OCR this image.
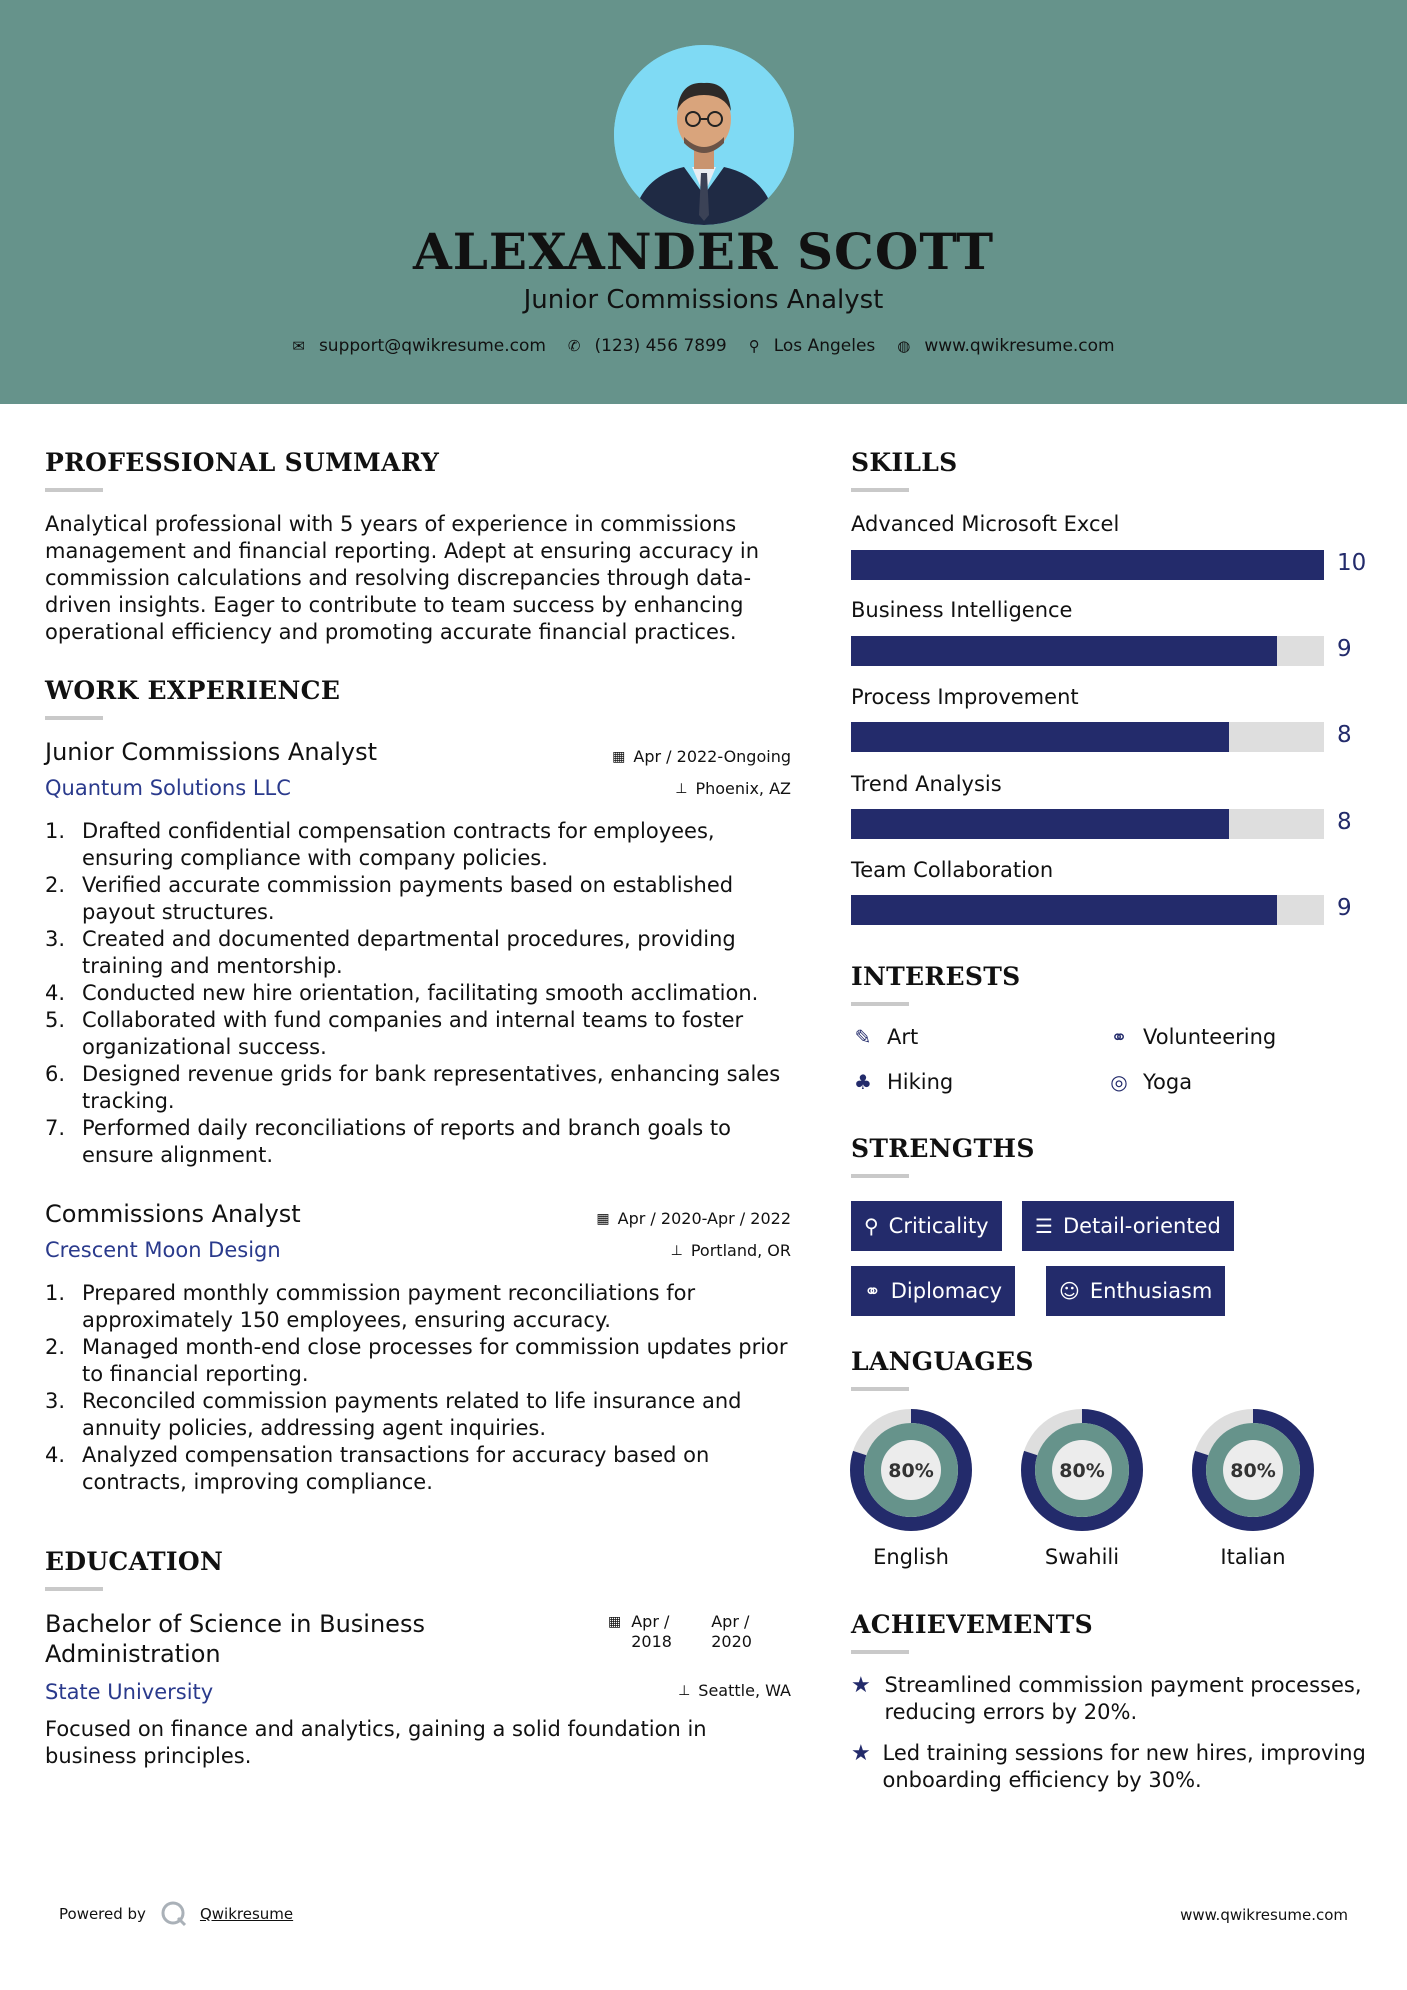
ALEXANDER SCOTT
Junior Commissions Analyst
✉ support@qwikresume.com ✆ (123) 456 7899 ⚲ Los Angeles ◍ www.qwikresume.com
PROFESSIONAL SUMMARY
Analytical professional with 5 years of experience in commissions management and financial reporting. Adept at ensuring accuracy in commission calculations and resolving discrepancies through data-driven insights. Eager to contribute to team success by enhancing operational efficiency and promoting accurate financial practices.
WORK EXPERIENCE
Junior Commissions Analyst	▦ Apr / 2022-Ongoing
Quantum Solutions LLC	⊥ Phoenix, AZ
1. Drafted confidential compensation contracts for employees, ensuring compliance with company policies.
2. Verified accurate commission payments based on established payout structures.
3. Created and documented departmental procedures, providing training and mentorship.
4. Conducted new hire orientation, facilitating smooth acclimation.
5. Collaborated with fund companies and internal teams to foster organizational success.
6. Designed revenue grids for bank representatives, enhancing sales tracking.
7. Performed daily reconciliations of reports and branch goals to ensure alignment.
Commissions Analyst	▦ Apr / 2020-Apr / 2022
Crescent Moon Design	⊥ Portland, OR
1. Prepared monthly commission payment reconciliations for approximately 150 employees, ensuring accuracy.
2. Managed month-end close processes for commission updates prior to financial reporting.
3. Reconciled commission payments related to life insurance and annuity policies, addressing agent inquiries.
4. Analyzed compensation transactions for accuracy based on contracts, improving compliance.
EDUCATION
Bachelor of Science in Business Administration
▦ Apr / 2018
Apr / 2020
State University	⊥ Seattle, WA
Focused on finance and analytics, gaining a solid foundation in business principles.
SKILLS
Advanced Microsoft Excel
10
Business Intelligence
9
Process Improvement
8
Trend Analysis
8
Team Collaboration
9
INTERESTS
✎ Art	⚭ Volunteering
♣ Hiking	◎ Yoga
STRENGTHS
⚲ Criticality ☰ Detail-oriented
⚭ Diplomacy	☺ Enthusiasm
LANGUAGES
80%
English
80%
Swahili
80%
Italian
ACHIEVEMENTS
★ Streamlined commission payment processes, reducing errors by 20%.
★ Led training sessions for new hires, improving onboarding efficiency by 30%.
Powered by	Qwikresume	www.qwikresume.com
